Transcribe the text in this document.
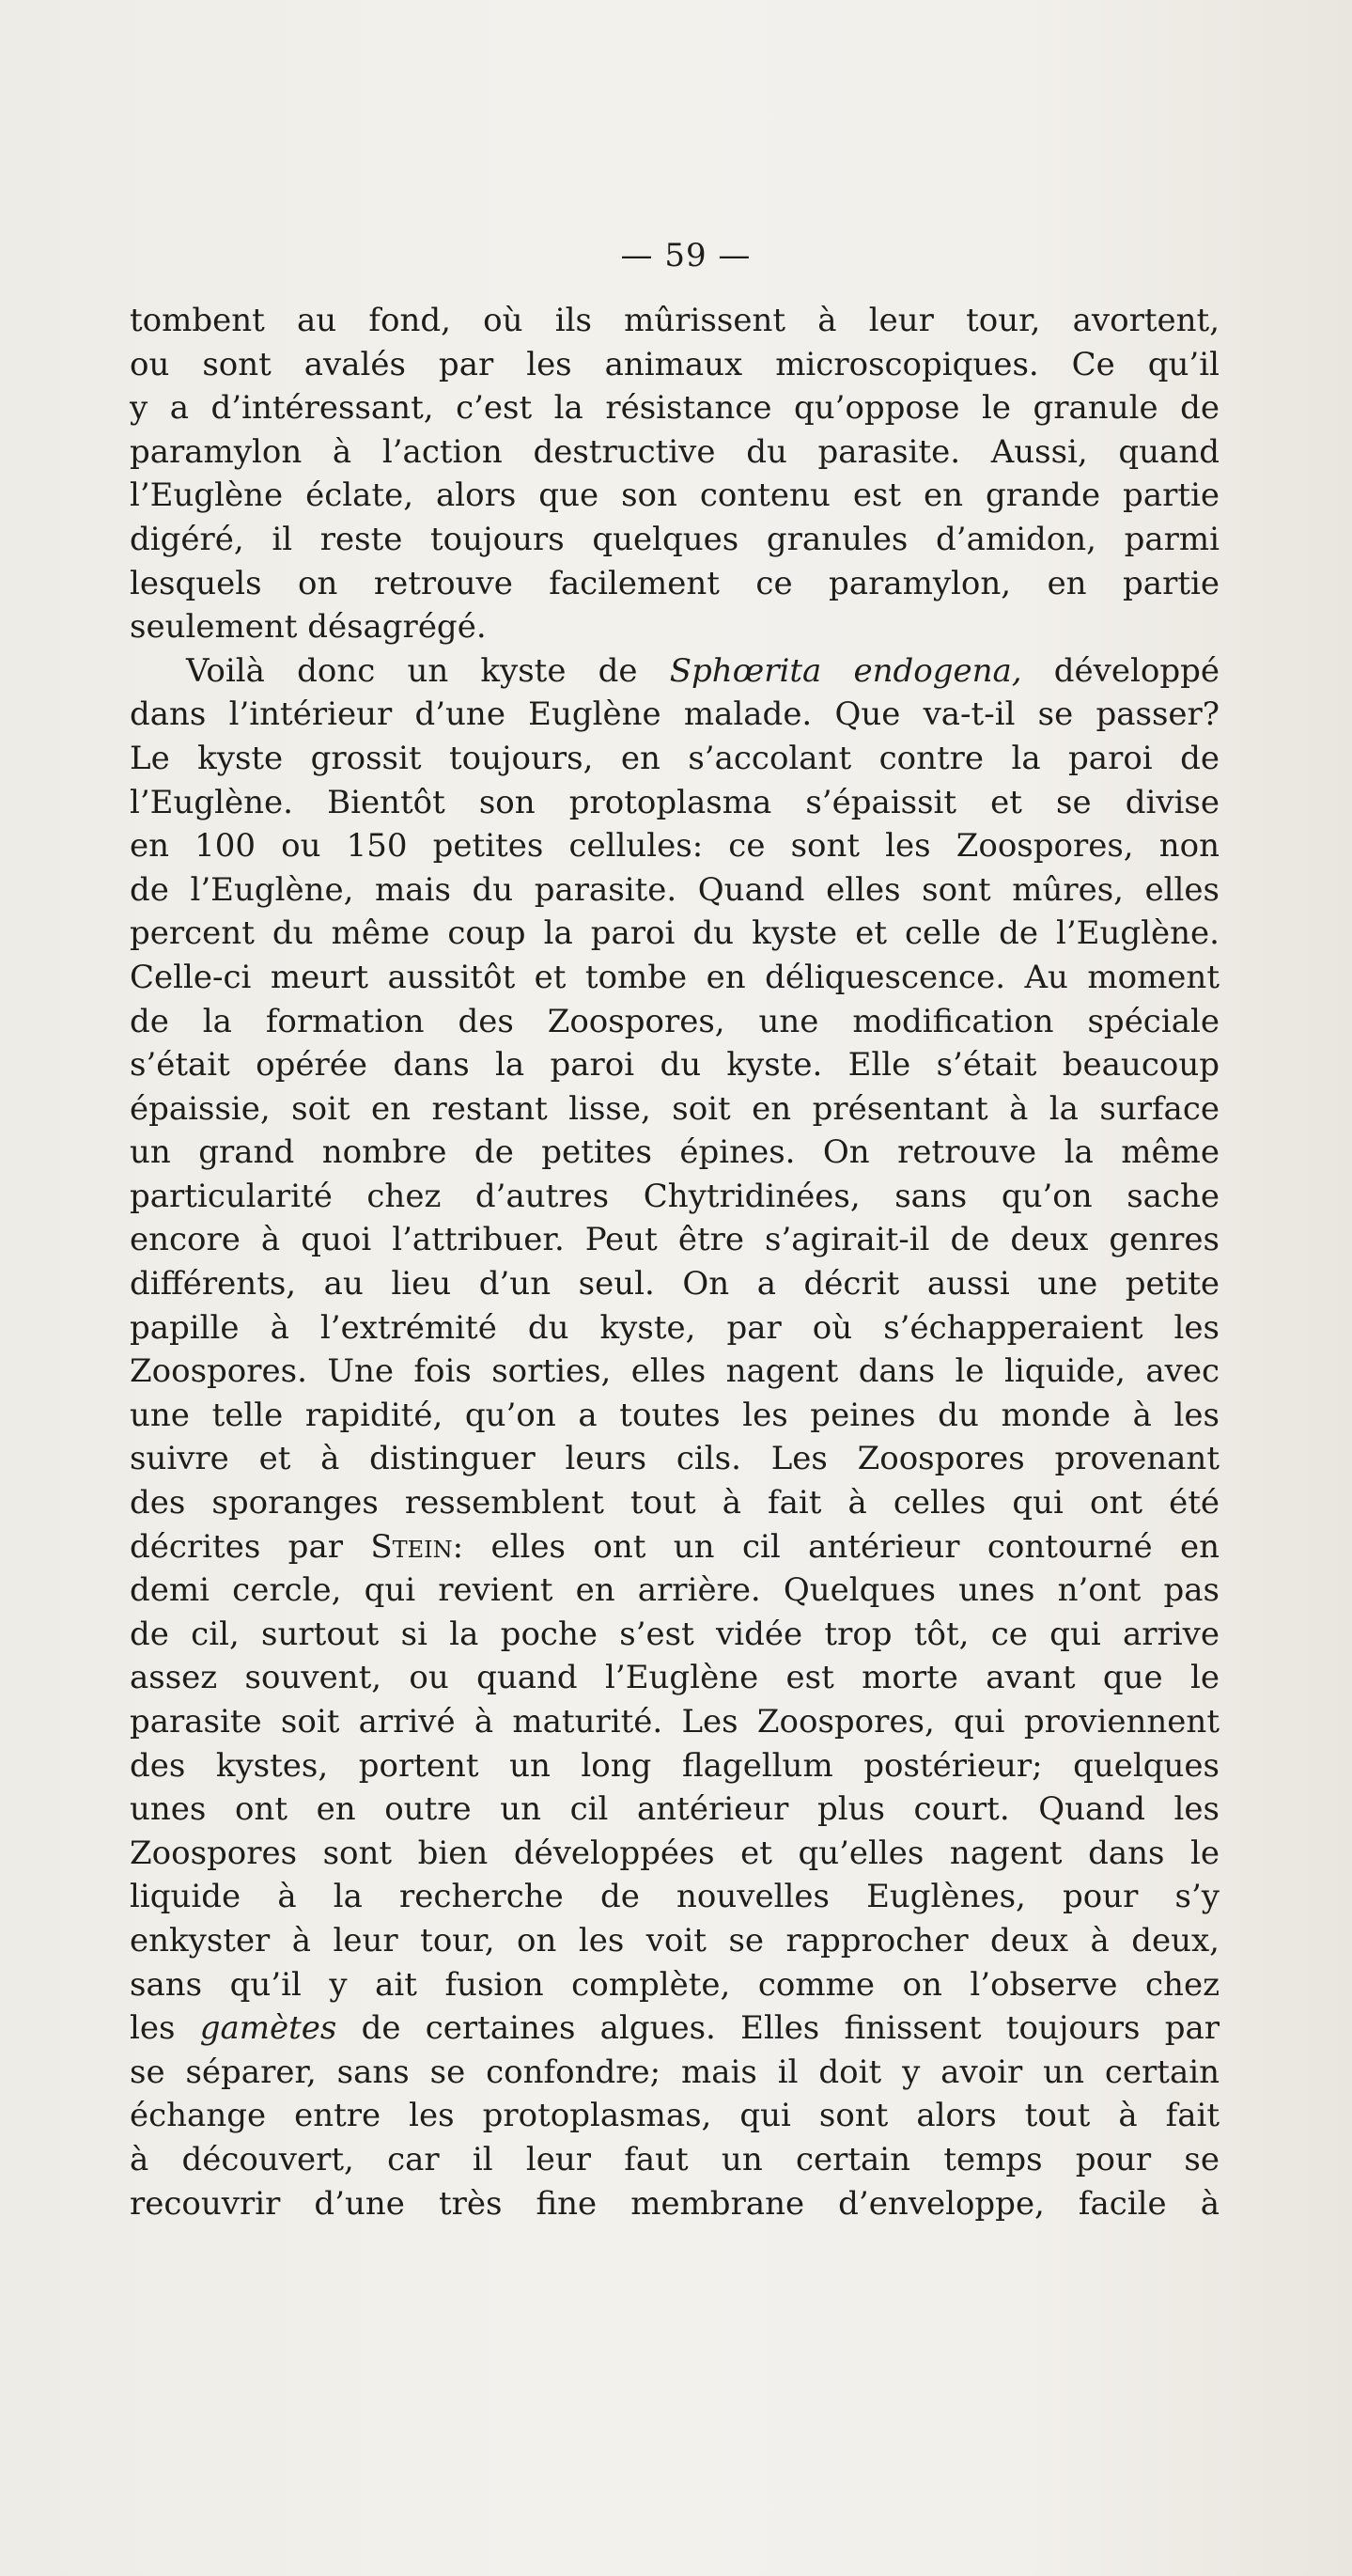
— 59 —
tombent au fond, où ils mûrissent à leur tour, avortent,
ou sont avalés par les animaux microscopiques. Ce qu’il
y a d’intéressant, c’est la résistance qu’oppose le granule de
paramylon à l’action destructive du parasite. Aussi, quand
l’Euglène éclate, alors que son contenu est en grande partie
digéré, il reste toujours quelques granules d’amidon, parmi
lesquels on retrouve facilement ce paramylon, en partie
seulement désagrégé.
Voilà donc un kyste de Sphœrita endogena, développé
dans l’intérieur d’une Euglène malade. Que va-t-il se passer?
Le kyste grossit toujours, en s’accolant contre la paroi de
l’Euglène. Bientôt son protoplasma s’épaissit et se divise
en 100 ou 150 petites cellules: ce sont les Zoospores, non
de l’Euglène, mais du parasite. Quand elles sont mûres, elles
percent du même coup la paroi du kyste et celle de l’Euglène.
Celle-ci meurt aussitôt et tombe en déliquescence. Au moment
de la formation des Zoospores, une modification spéciale
s’était opérée dans la paroi du kyste. Elle s’était beaucoup
épaissie, soit en restant lisse, soit en présentant à la surface
un grand nombre de petites épines. On retrouve la même
particularité chez d’autres Chytridinées, sans qu’on sache
encore à quoi l’attribuer. Peut être s’agirait-il de deux genres
différents, au lieu d’un seul. On a décrit aussi une petite
papille à l’extrémité du kyste, par où s’échapperaient les
Zoospores. Une fois sorties, elles nagent dans le liquide, avec
une telle rapidité, qu’on a toutes les peines du monde à les
suivre et à distinguer leurs cils. Les Zoospores provenant
des sporanges ressemblent tout à fait à celles qui ont été
décrites par Stein: elles ont un cil antérieur contourné en
demi cercle, qui revient en arrière. Quelques unes n’ont pas
de cil, surtout si la poche s’est vidée trop tôt, ce qui arrive
assez souvent, ou quand l’Euglène est morte avant que le
parasite soit arrivé à maturité. Les Zoospores, qui proviennent
des kystes, portent un long flagellum postérieur; quelques
unes ont en outre un cil antérieur plus court. Quand les
Zoospores sont bien développées et qu’elles nagent dans le
liquide à la recherche de nouvelles Euglènes, pour s’y
enkyster à leur tour, on les voit se rapprocher deux à deux,
sans qu’il y ait fusion complète, comme on l’observe chez
les gamètes de certaines algues. Elles finissent toujours par
se séparer, sans se confondre; mais il doit y avoir un certain
échange entre les protoplasmas, qui sont alors tout à fait
à découvert, car il leur faut un certain temps pour se
recouvrir d’une très fine membrane d’enveloppe, facile à
